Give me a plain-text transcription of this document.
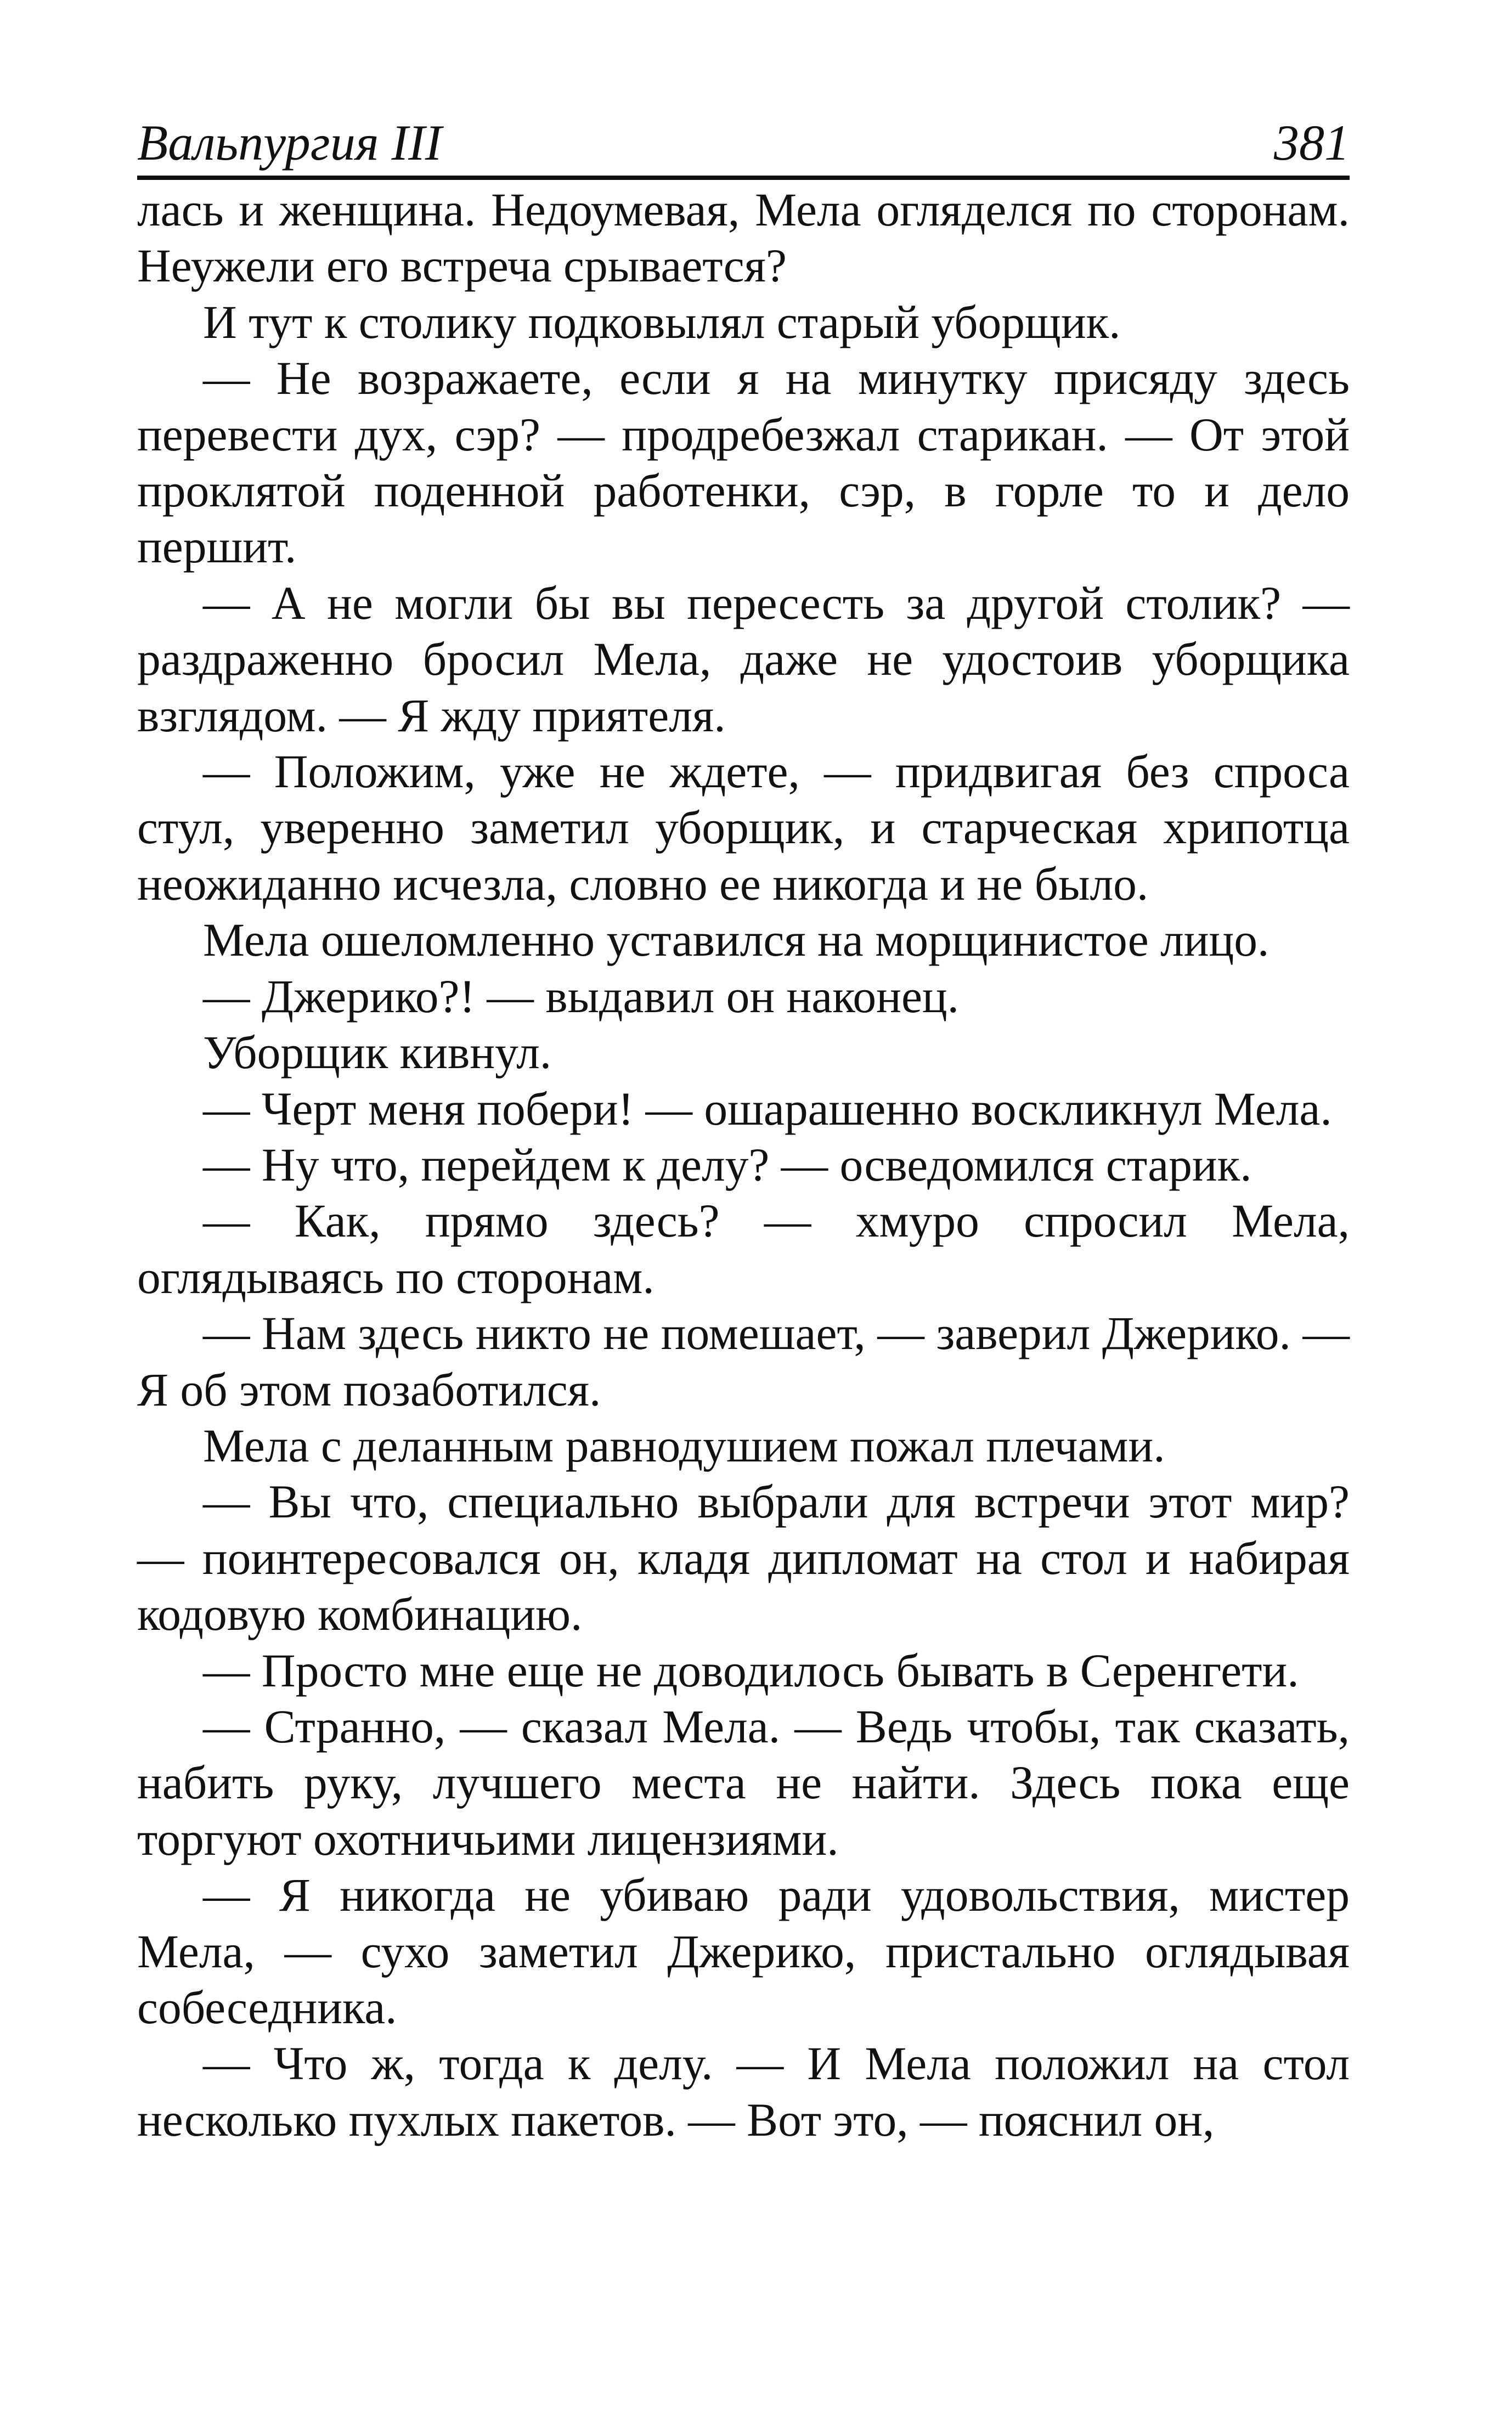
Вальпургия III	381

лась и женщина. Недоумевая, Мела огляделся по сторонам. Неужели его встреча срывается?

И тут к столику подковылял старый уборщик.

— Не возражаете, если я на минутку присяду здесь перевести дух, сэр? — продребезжал старикан. — От этой проклятой поденной работенки, сэр, в горле то и дело першит.

— А не могли бы вы пересесть за другой столик? — раздраженно бросил Мела, даже не удостоив уборщика взглядом. — Я жду приятеля.

— Положим, уже не ждете, — придвигая без спроса стул, уверенно заметил уборщик, и старческая хрипотца неожиданно исчезла, словно ее никогда и не было.

Мела ошеломленно уставился на морщинистое лицо.

— Джерико?! — выдавил он наконец.

Уборщик кивнул.

— Черт меня побери! — ошарашенно воскликнул Мела.

— Ну что, перейдем к делу? — осведомился старик.

— Как, прямо здесь? — хмуро спросил Мела, оглядываясь по сторонам.

— Нам здесь никто не помешает, — заверил Джерико. — Я об этом позаботился.

Мела с деланным равнодушием пожал плечами.

— Вы что, специально выбрали для встречи этот мир? — поинтересовался он, кладя дипломат на стол и набирая кодовую комбинацию.

— Просто мне еще не доводилось бывать в Серенгети.

— Странно, — сказал Мела. — Ведь чтобы, так сказать, набить руку, лучшего места не найти. Здесь пока еще торгуют охотничьими лицензиями.

— Я никогда не убиваю ради удовольствия, мистер Мела, — сухо заметил Джерико, пристально оглядывая собеседника.

— Что ж, тогда к делу. — И Мела положил на стол несколько пухлых пакетов. — Вот это, — пояснил он,
